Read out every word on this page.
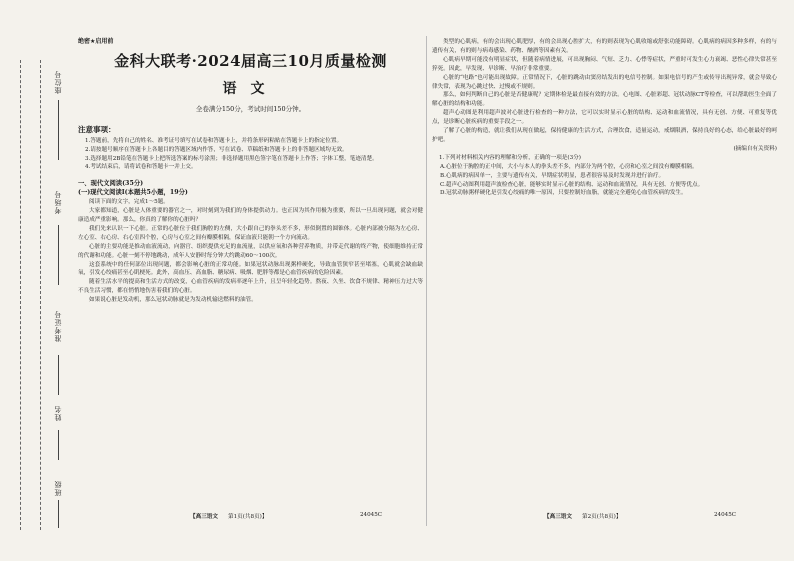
座位号
考场号
准考证号
姓名
班级
绝密★启用前
金科大联考·2024届高三10月质量检测
语文
全卷满分150分，考试时间150分钟。
注意事项：
1.答题前，先将自己的姓名、准考证号填写在试卷和答题卡上，并将条形码粘贴在答题卡上的指定位置。
2.请按题号顺序在答题卡上各题目的答题区域内作答，写在试卷、草稿纸和答题卡上的非答题区域均无效。
3.选择题用2B铅笔在答题卡上把所选答案的标号涂黑；非选择题用黑色签字笔在答题卡上作答；字体工整，笔迹清楚。
4.考试结束后，请将试卷和答题卡一并上交。
一、现代文阅读(35分)
(一)现代文阅读Ⅰ(本题共5小题，19分)

阅读下面的文字，完成1～5题。

大家都知道，心脏是人体重要的器官之一，对时刻到为我们的身体提供动力。也正因为其作用极为重要，所以一旦出现问题，就会对健康造成严重影响。那么，你真的了解你的心脏吗？

我们先来认识一下心脏。正常的心脏位于我们胸腔的左侧，大小跟自己的拳头差不多，形似倒置的圆锥体。心脏内部被分隔为左心房、左心室、右心房、右心室四个腔，心房与心室之间有瓣膜相隔，保证血液只能朝一个方向流动。

心脏的主要功能是推动血液流动，向器官、组织提供充足的血流量，以供应氧和各种营养物质，并带走代谢的终产物，使细胞维持正常的代谢和功能。心脏一刻不停地跳动，成年人安静时每分钟大约跳动60～100次。

这套系统中的任何部位出现问题，都会影响心脏的正常功能。如果冠状动脉出现粥样硬化，导致血管狭窄甚至堵塞，心肌就会缺血缺氧，引发心绞痛甚至心肌梗死。此外，高血压、高血脂、糖尿病、吸烟、肥胖等都是心血管疾病的危险因素。

随着生活水平的提高和生活方式的改变，心血管疾病的发病率逐年上升，且呈年轻化趋势。熬夜、久坐、饮食不规律、精神压力过大等不良生活习惯，都在悄悄地伤害着我们的心脏。

如果说心脏是发动机，那么冠状动脉就是为发动机输送燃料的油管。

类型的心肌病，有的会出现心肌肥厚，有的会出现心腔扩大，有的则表现为心肌收缩或舒张功能障碍。心肌病的病因多种多样，有的与遗传有关，有的则与病毒感染、药物、酗酒等因素有关。

心肌病早期可能没有明显症状，但随着病情进展，可出现胸闷、气短、乏力、心悸等症状，严重时可发生心力衰竭、恶性心律失常甚至猝死。因此，早发现、早诊断、早治疗非常重要。

心脏的“电路”也可能出现故障。正常情况下，心脏的跳动由窦房结发出的电信号控制。如果电信号的产生或传导出现异常，就会导致心律失常，表现为心跳过快、过慢或不规则。

那么，如何判断自己的心脏是否健康呢？定期体检是最直接有效的方法。心电图、心脏彩超、冠状动脉CT等检查，可以帮助医生全面了解心脏的结构和功能。

超声心动图是利用超声波对心脏进行检查的一种方法，它可以实时显示心脏的结构、运动和血流情况，具有无创、方便、可重复等优点，是诊断心脏疾病的重要手段之一。

了解了心脏的构造，就让我们从现在做起，保持健康的生活方式，合理饮食，适量运动，戒烟限酒，保持良好的心态，给心脏最好的呵护吧。

(摘编自有关资料)
1.下列对材料相关内容的理解和分析，正确的一项是(3分)
A.心脏位于胸腔的正中间，大小与本人的拳头差不多，内部分为两个腔，心房和心室之间没有瓣膜相隔。
B.心肌病的病因单一，主要与遗传有关，早期症状明显，患者很容易及时发现并进行治疗。
C.超声心动图利用超声波检查心脏，能够实时显示心脏的结构、运动和血流情况，具有无创、方便等优点。
D.冠状动脉粥样硬化是引发心绞痛的唯一原因，只要控制好血脂，就能完全避免心血管疾病的发生。
【高三语文 第1页(共8页)】	24045C	【高三语文 第2页(共8页)】	24045C
